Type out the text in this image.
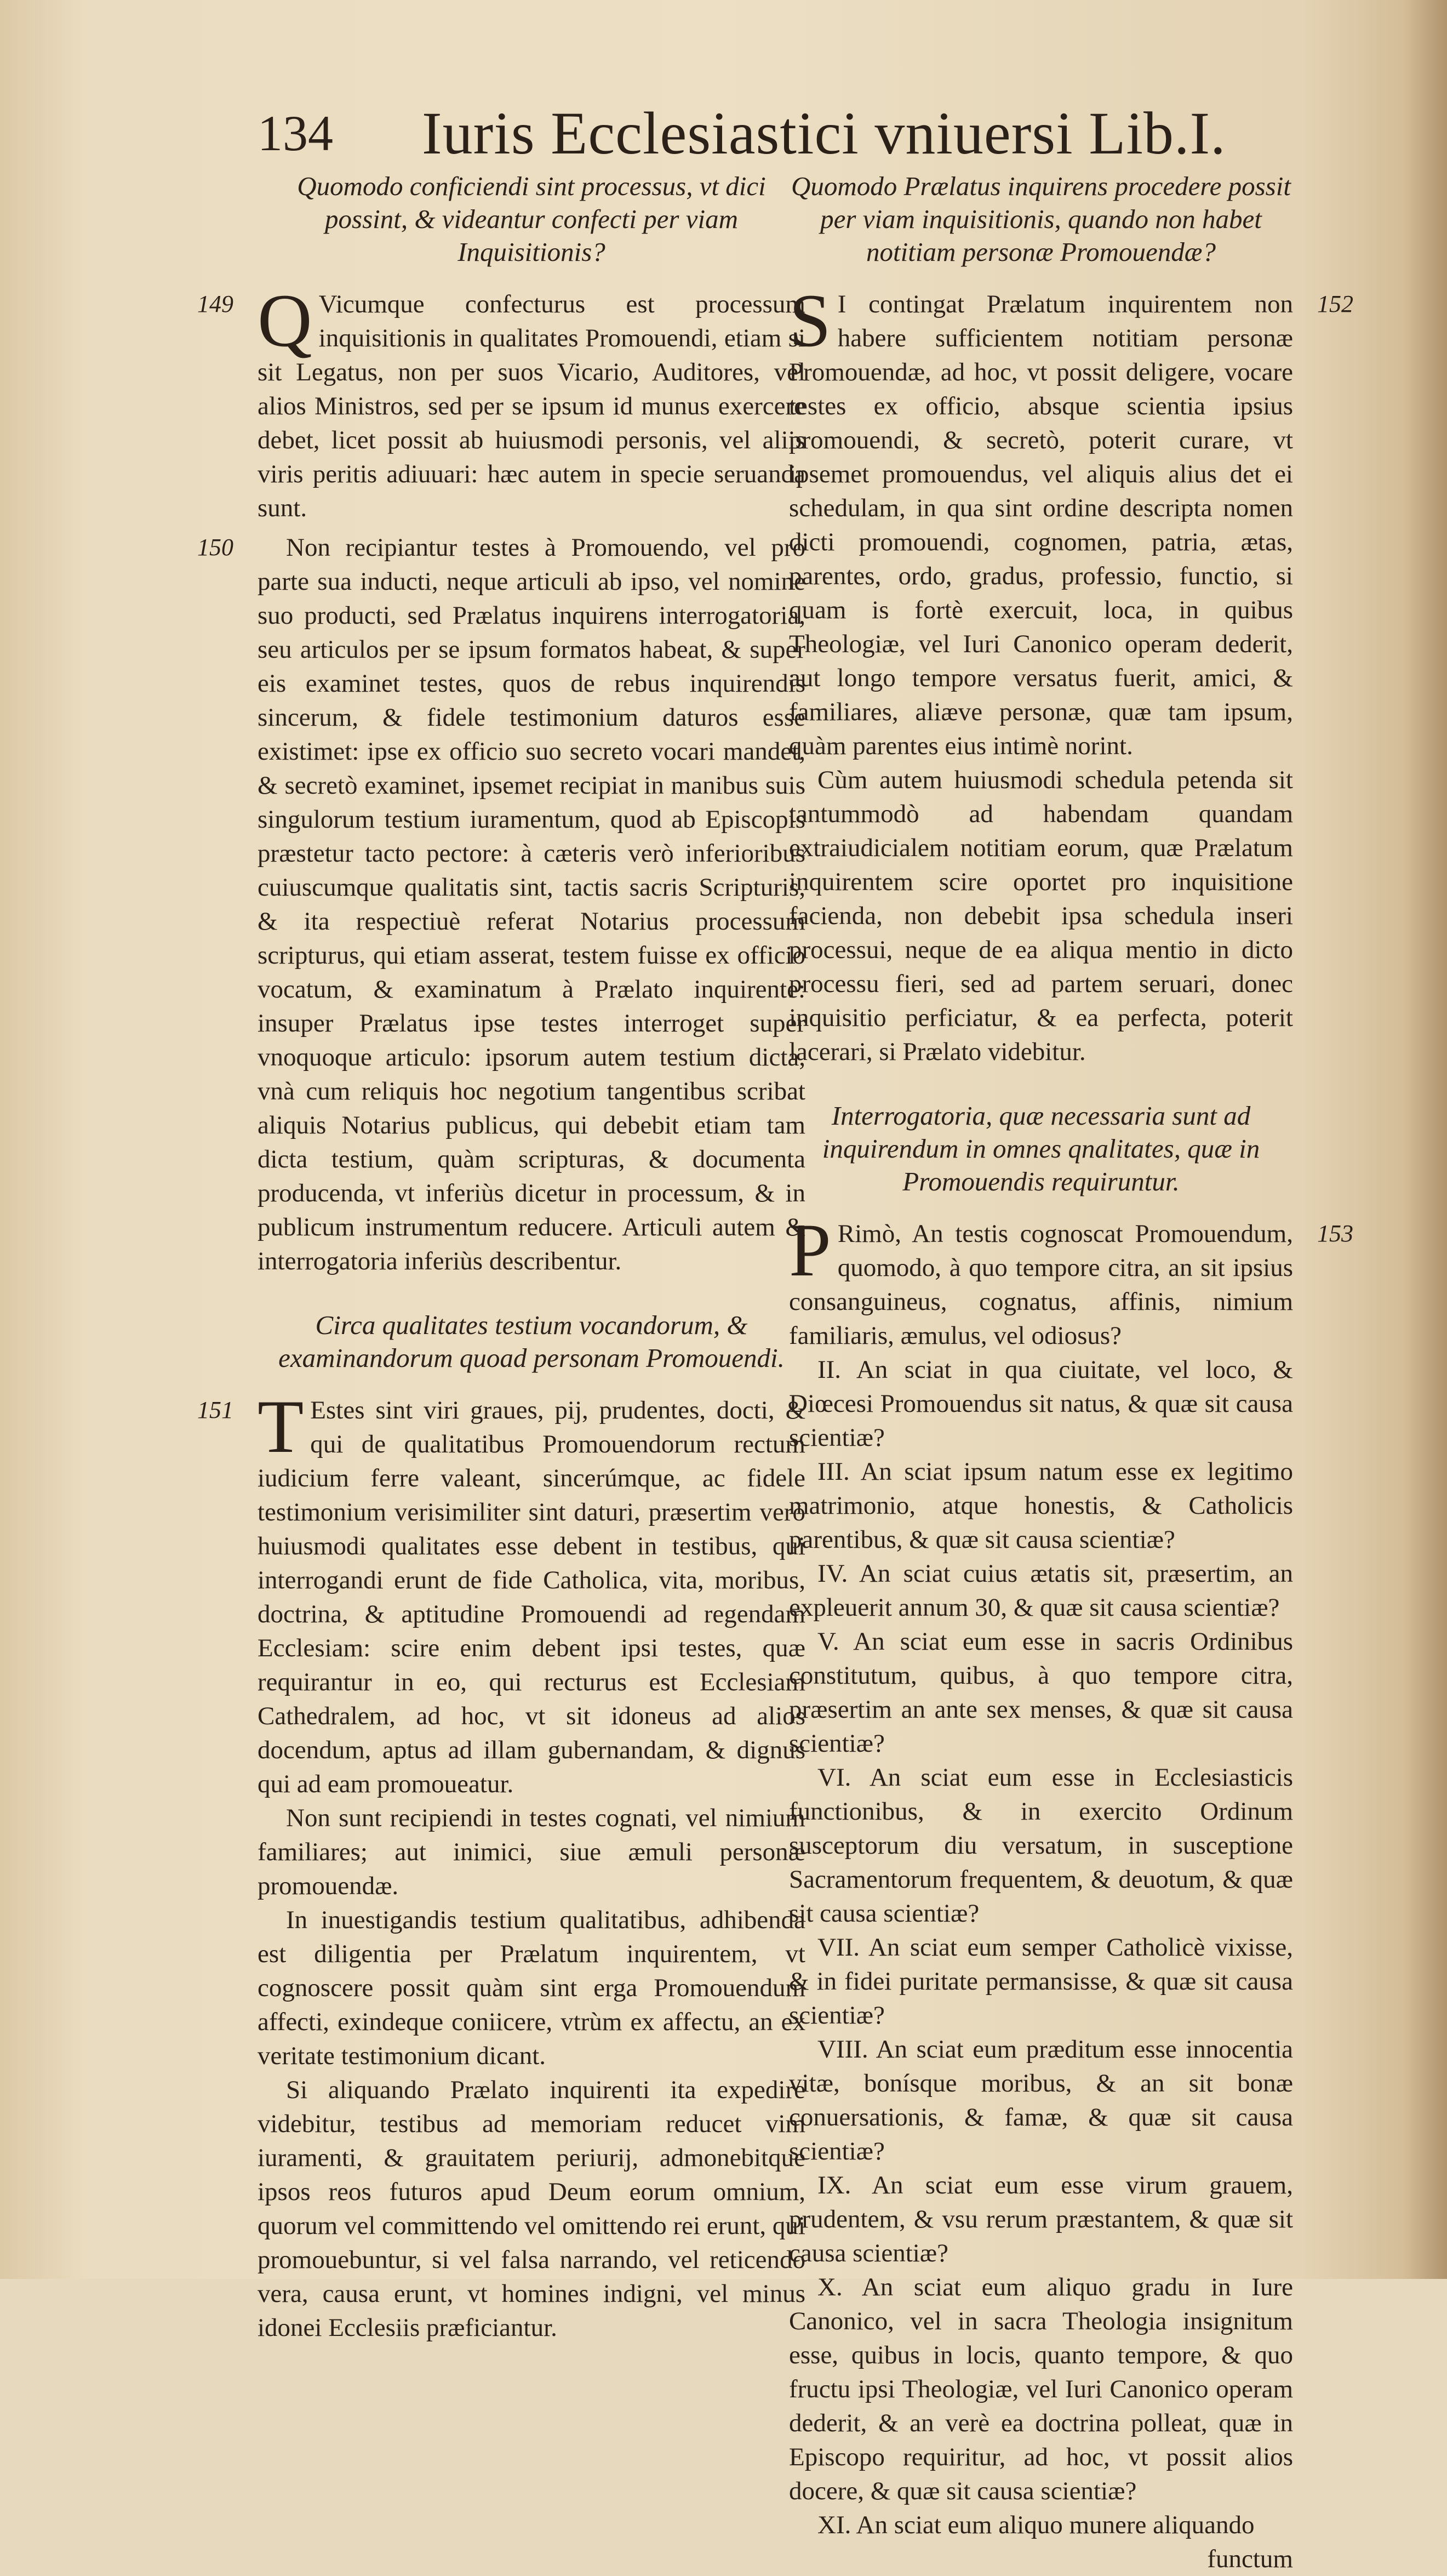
134 Iuris Ecclesiastici vniuersi Lib.I.
Quomodo conficiendi sint processus, vt dici possint, & videantur confecti per viam Inquisitionis?
149 Q Vicumque confecturus est processum inquisitionis in qualitates Promouendi, etiam si sit Legatus, non per suos Vicario, Auditores, vel alios Ministros, sed per se ipsum id munus exercere debet, licet possit ab huiusmodi personis, vel aliis viris peritis adiuuari: hæc autem in specie seruanda sunt.

150	Non recipiantur testes à Promouendo, vel pro parte sua inducti, neque articuli ab ipso, vel nomine suo producti, sed Prælatus inquirens interrogatoria, seu articulos per se ipsum formatos habeat, & super eis examinet testes, quos de rebus inquirendis sincerum, & fidele testimonium daturos esse existimet: ipse ex officio suo secreto vocari mandet, & secretò examinet, ipsemet recipiat in manibus suis singulorum testium iuramentum, quod ab Episcopis præstetur tacto pectore: à cæteris verò inferioribus cuiuscumque qualitatis sint, tactis sacris Scripturis, & ita respectiuè referat Notarius processum scripturus, qui etiam asserat, testem fuisse ex officio vocatum, & examinatum à Prælato inquirente: insuper Prælatus ipse testes interroget super vnoquoque articulo: ipsorum autem testium dicta, vnà cum reliquis hoc negotium tangentibus scribat aliquis Notarius publicus, qui debebit etiam tam dicta testium, quàm scripturas, & documenta producenda, vt inferiùs dicetur in processum, & in publicum instrumentum reducere. Articuli autem & interrogatoria inferiùs describentur.

Circa qualitates testium vocandorum, & examinandorum quoad personam Promouendi.
151 T Estes sint viri graues, pij, prudentes, docti, & qui de qualitatibus Promouendorum rectum iudicium ferre valeant, sincerúmque, ac fidele testimonium verisimiliter sint daturi, præsertim verò huiusmodi qualitates esse debent in testibus, qui interrogandi erunt de fide Catholica, vita, moribus, doctrina, & aptitudine Promouendi ad regendam Ecclesiam: scire enim debent ipsi testes, quæ requirantur in eo, qui recturus est Ecclesiam Cathedralem, ad hoc, vt sit idoneus ad alios docendum, aptus ad illam gubernandam, & dignus qui ad eam promoueatur.

Non sunt recipiendi in testes cognati, vel nimium familiares; aut inimici, siue æmuli personæ promouendæ.

In inuestigandis testium qualitatibus, adhibenda est diligentia per Prælatum inquirentem, vt cognoscere possit quàm sint erga Promouendum affecti, exindeque coniicere, vtrùm ex affectu, an ex veritate testimonium dicant.

Si aliquando Prælato inquirenti ita expedire videbitur, testibus ad memoriam reducet vim iuramenti, & grauitatem periurij, admonebitque ipsos reos futuros apud Deum eorum omnium, quorum vel committendo vel omittendo rei erunt, qui promouebuntur, si vel falsa narrando, vel reticendo vera, causa erunt, vt homines indigni, vel minus idonei Ecclesiis præficiantur.

Quomodo Prælatus inquirens procedere possit per viam inquisitionis, quando non habet notitiam personæ Promouendæ?
152
S I contingat Prælatum inquirentem non habere sufficientem notitiam personæ Promouendæ, ad hoc, vt possit deligere, vocare testes ex officio, absque scientia ipsius promouendi, & secretò, poterit curare, vt ipsemet promouendus, vel aliquis alius det ei schedulam, in qua sint ordine descripta nomen dicti promouendi, cognomen, patria, ætas, parentes, ordo, gradus, professio, functio, si quam is fortè exercuit, loca, in quibus Theologiæ, vel Iuri Canonico operam dederit, aut longo tempore versatus fuerit, amici, & familiares, aliæve personæ, quæ tam ipsum, quàm parentes eius intimè norint.

Cùm autem huiusmodi schedula petenda sit tantummodò ad habendam quandam extraiudicialem notitiam eorum, quæ Prælatum inquirentem scire oportet pro inquisitione facienda, non debebit ipsa schedula inseri processui, neque de ea aliqua mentio in dicto processu fieri, sed ad partem seruari, donec inquisitio perficiatur, & ea perfecta, poterit lacerari, si Prælato videbitur.

Interrogatoria, quæ necessaria sunt ad inquirendum in omnes qnalitates, quæ in Promouendis requiruntur.
153
P Rimò, An testis cognoscat Promouendum, quomodo, à quo tempore citra, an sit ipsius consanguineus, cognatus, affinis, nimium familiaris, æmulus, vel odiosus?

II. An sciat in qua ciuitate, vel loco, & Diœcesi Promouendus sit natus, & quæ sit causa scientiæ?

III. An sciat ipsum natum esse ex legitimo matrimonio, atque honestis, & Catholicis parentibus, & quæ sit causa scientiæ?

IV. An sciat cuius ætatis sit, præsertim, an expleuerit annum 30, & quæ sit causa scientiæ?

V. An sciat eum esse in sacris Ordinibus constitutum, quibus, à quo tempore citra, præsertim an ante sex menses, & quæ sit causa scientiæ?

VI. An sciat eum esse in Ecclesiasticis functionibus, & in exercito Ordinum susceptorum diu versatum, in susceptione Sacramentorum frequentem, & deuotum, & quæ sit causa scientiæ?

VII. An sciat eum semper Catholicè vixisse, & in fidei puritate permansisse, & quæ sit causa scientiæ?

VIII. An sciat eum præditum esse innocentia vitæ, bonísque moribus, & an sit bonæ conuersationis, & famæ, & quæ sit causa scientiæ?

IX. An sciat eum esse virum grauem, prudentem, & vsu rerum præstantem, & quæ sit causa scientiæ?

X. An sciat eum aliquo gradu in Iure Canonico, vel in sacra Theologia insignitum esse, quibus in locis, quanto tempore, & quo fructu ipsi Theologiæ, vel Iuri Canonico operam dederit, & an verè ea doctrina polleat, quæ in Episcopo requiritur, ad hoc, vt possit alios docere, & quæ sit causa scientiæ?

XI. An sciat eum aliquo munere aliquando

functum
